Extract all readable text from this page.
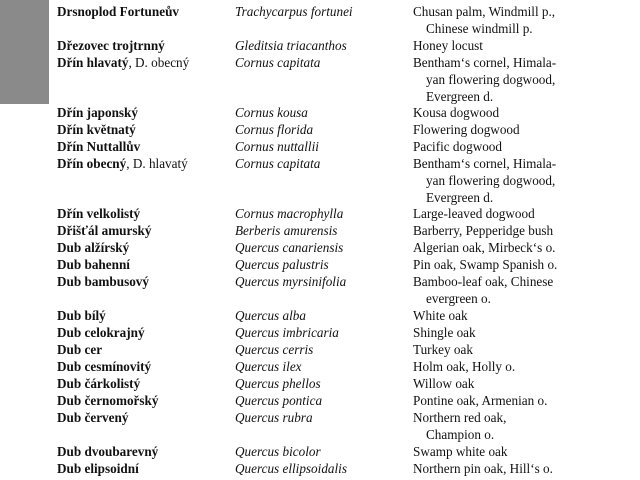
Drsnoplod Fortuneův	Trachycarpus fortunei	Chusan palm, Windmill p.,
Chinese windmill p.
Dřezovec trojtrnný	Gleditsia triacanthos	Honey locust
Dřín hlavatý, D. obecný	Cornus capitata	Bentham‘s cornel, Himala-
yan flowering dogwood,
Evergreen d.
Dřín japonský	Cornus kousa	Kousa dogwood
Dřín květnatý	Cornus florida	Flowering dogwood
Dřín Nuttallův	Cornus nuttallii	Pacific dogwood
Dřín obecný, D. hlavatý	Cornus capitata	Bentham‘s cornel, Himala-
yan flowering dogwood,
Evergreen d.
Dřín velkolistý	Cornus macrophylla	Large-leaved dogwood
Dřišťál amurský	Berberis amurensis	Barberry, Pepperidge bush
Dub alžírský	Quercus canariensis	Algerian oak, Mirbeck‘s o.
Dub bahenní	Quercus palustris	Pin oak, Swamp Spanish o.
Dub bambusový	Quercus myrsinifolia	Bamboo-leaf oak, Chinese
evergreen o.
Dub bílý	Quercus alba	White oak
Dub celokrajný	Quercus imbricaria	Shingle oak
Dub cer	Quercus cerris	Turkey oak
Dub cesmínovitý	Quercus ilex	Holm oak, Holly o.
Dub čárkolistý	Quercus phellos	Willow oak
Dub černomořský	Quercus pontica	Pontine oak, Armenian o.
Dub červený	Quercus rubra	Northern red oak,
Champion o.
Dub dvoubarevný	Quercus bicolor	Swamp white oak
Dub elipsoidní	Quercus ellipsoidalis	Northern pin oak, Hill‘s o.
